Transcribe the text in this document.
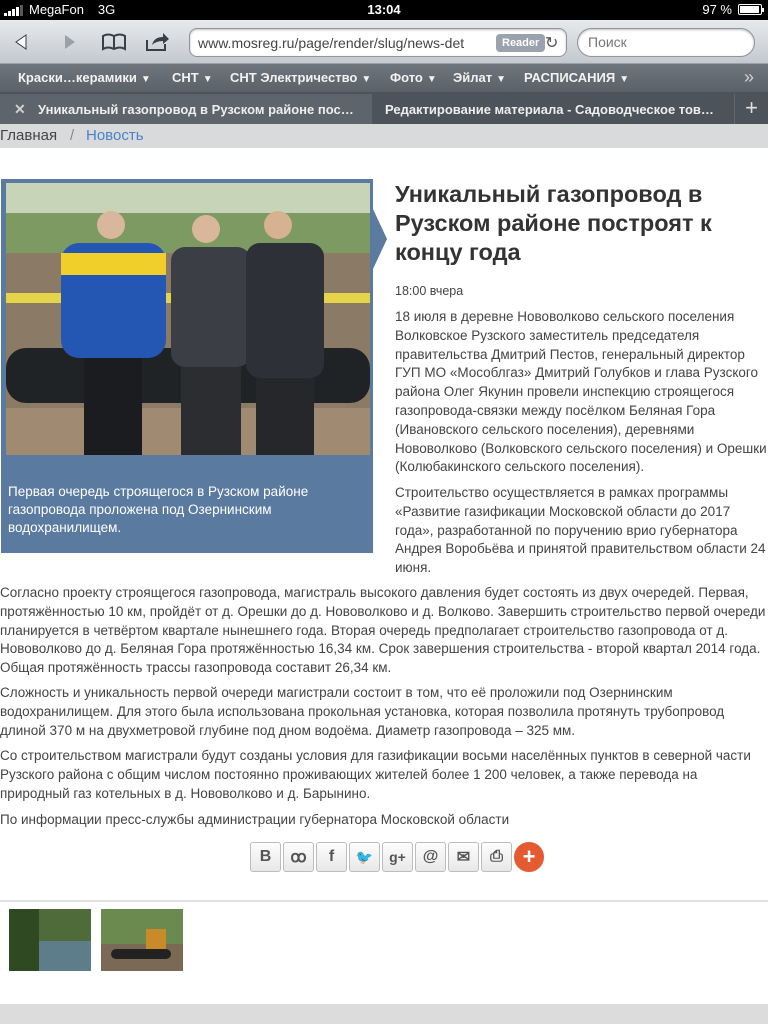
MegaFon 3G	13:04	97 %
www.mosreg.ru/page/render/slug/news-det	Reader ↻
Поиск
Краски…керамики ▼ СНТ ▼ СНТ Электричество ▼ Фото ▼ Эйлат ▼ РАСПИСАНИЯ ▼	»
✕ Уникальный газопровод в Рузском районе пос… Редактирование материала - Садоводческое тов…	+
Главная / Новость
Первая очередь строящегося в Рузском районе газопровода проложена под Озернинским водохранилищем.
Уникальный газопровод в Рузском районе построят к концу года
18:00 вчера

18 июля в деревне Нововолково сельского поселения Волковское Рузского заместитель председателя правительства Дмитрий Пестов, генеральный директор ГУП МО «Мособлгаз» Дмитрий Голубков и глава Рузского района Олег Якунин провели инспекцию строящегося газопровода-связки между посёлком Беляная Гора (Ивановского сельского поселения), деревнями Нововолково (Волковского сельского поселения) и Орешки (Колюбакинского сельского поселения).

Строительство осуществляется в рамках программы «Развитие газификации Московской области до 2017 года», разработанной по поручению врио губернатора Андрея Воробьёва и принятой правительством области 24 июня.

Согласно проекту строящегося газопровода, магистраль высокого давления будет состоять из двух очередей. Первая, протяжённостью 10 км, пройдёт от д. Орешки до д. Нововолково и д. Волково. Завершить строительство первой очереди планируется в четвёртом квартале нынешнего года. Вторая очередь предполагает строительство газопровода от д. Нововолково до д. Беляная Гора протяжённостью 16,34 км. Срок завершения строительства - второй квартал 2014 года. Общая протяжённость трассы газопровода составит 26,34 км.

Сложность и уникальность первой очереди магистрали состоит в том, что её проложили под Озернинским водохранилищем. Для этого была использована прокольная установка, которая позволила протянуть трубопровод длиной 370 м на двухметровой глубине под дном водоёма. Диаметр газопровода – 325 мм.

Со строительством магистрали будут созданы условия для газификации восьми населённых пунктов в северной части Рузского района с общим числом постоянно проживающих жителей более 1 200 человек, а также перевода на природный газ котельных в д. Нововолково и д. Барынино.

По информации пресс-службы администрации губернатора Московской области

В ꝏ f 🐦 g+ @ ✉ ⎙ +
